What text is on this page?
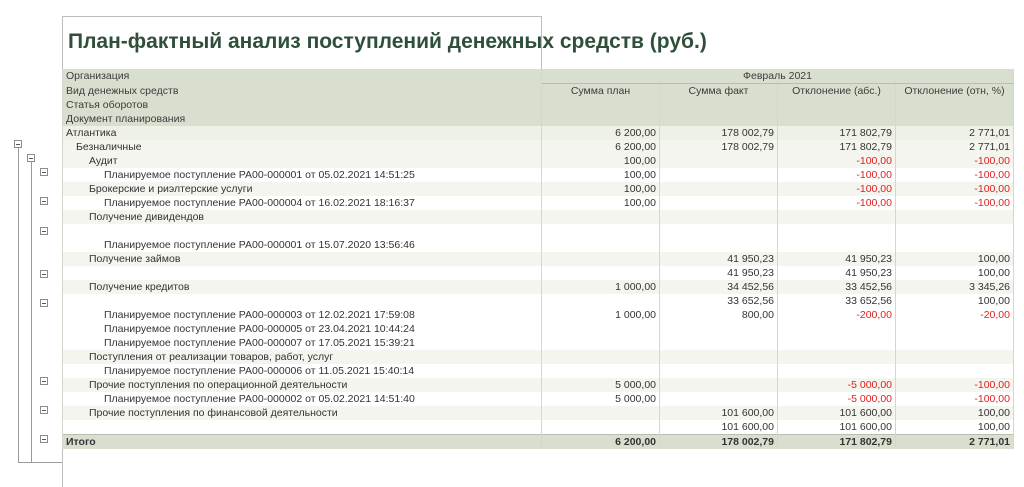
План-фактный анализ поступлений денежных средств (руб.)
Организация	Февраль 2021			
Вид денежных средств	Сумма план	Сумма факт	Отклонение (абс.)	Отклонение (отн, %)
Статья оборотов				
Документ планирования				
Атлантика	6 200,00	178 002,79	171 802,79	2 771,01
Безналичные	6 200,00	178 002,79	171 802,79	2 771,01
Аудит	100,00		-100,00	-100,00
Планируемое поступление РА00-000001 от 05.02.2021 14:51:25	100,00		-100,00	-100,00
Брокерские и риэлтерские услуги	100,00		-100,00	-100,00
Планируемое поступление РА00-000004 от 16.02.2021 18:16:37	100,00		-100,00	-100,00
Получение дивидендов				

Планируемое поступление РА00-000001 от 15.07.2020 13:56:46				
Получение займов		41 950,23	41 950,23	100,00
		41 950,23	41 950,23	100,00
Получение кредитов	1 000,00	34 452,56	33 452,56	3 345,26
		33 652,56	33 652,56	100,00
Планируемое поступление РА00-000003 от 12.02.2021 17:59:08	1 000,00	800,00	-200,00	-20,00
Планируемое поступление РА00-000005 от 23.04.2021 10:44:24				
Планируемое поступление РА00-000007 от 17.05.2021 15:39:21				
Поступления от реализации товаров, работ, услуг				
Планируемое поступление РА00-000006 от 11.05.2021 15:40:14				
Прочие поступления по операционной деятельности	5 000,00		-5 000,00	-100,00
Планируемое поступление РА00-000002 от 05.02.2021 14:51:40	5 000,00		-5 000,00	-100,00
Прочие поступления по финансовой деятельности		101 600,00	101 600,00	100,00
		101 600,00	101 600,00	100,00
Итого	6 200,00	178 002,79	171 802,79	2 771,01
